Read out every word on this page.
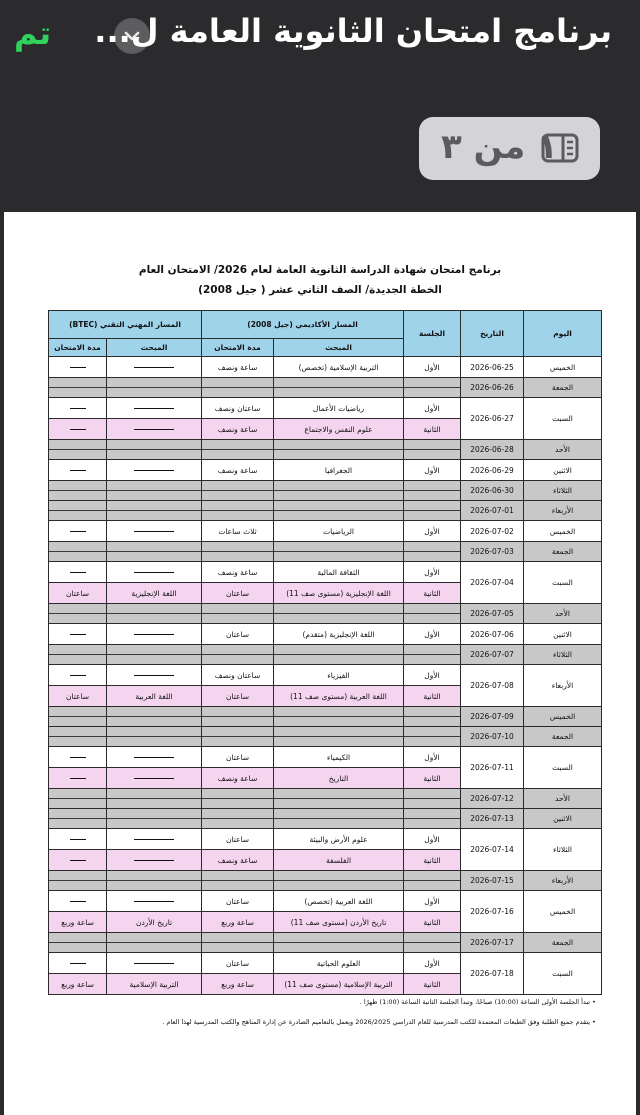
تم برنامج امتحان الثانوية العامة ل...
١ من ٣
برنامج امتحان شهادة الدراسة الثانوية العامة لعام 2026/ الامتحان العام
الخطة الجديدة/ الصف الثاني عشر ( جيل 2008)
اليوم	التاريخ	الجلسة	المسار الأكاديمي (جيل 2008)		المسار المهني التقني (BTEC)	
			المبحث	مدة الامتحان	المبحث	مدة الامتحان
الخميس	2026-06-25	الأول	التربية الإسلامية (تخصص)	ساعة ونصف		
الجمعة	2026-06-26					
السبت	2026-06-27	الأول	رياضيات الأعمال	ساعتان ونصف		
		الثانية	علوم النفس والاجتماع	ساعة ونصف		
الأحد	2026-06-28					
الاثنين	2026-06-29	الأول	الجغرافيا	ساعة ونصف		
الثلاثاء	2026-06-30					
الأربعاء	2026-07-01					
الخميس	2026-07-02	الأول	الرياضيات	ثلاث ساعات		
الجمعة	2026-07-03					
السبت	2026-07-04	الأول	الثقافة المالية	ساعة ونصف		
		الثانية	اللغة الإنجليزية (مستوى صف 11)	ساعتان	اللغة الإنجليزية	ساعتان
الأحد	2026-07-05					
الاثنين	2026-07-06	الأول	اللغة الإنجليزية (متقدم)	ساعتان		
الثلاثاء	2026-07-07					
الأربعاء	2026-07-08	الأول	الفيزياء	ساعتان ونصف		
		الثانية	اللغة العربية (مستوى صف 11)	ساعتان	اللغة العربية	ساعتان
الخميس	2026-07-09					
الجمعة	2026-07-10					
السبت	2026-07-11	الأول	الكيمياء	ساعتان		
		الثانية	التاريخ	ساعة ونصف		
الأحد	2026-07-12					
الاثنين	2026-07-13					
الثلاثاء	2026-07-14	الأول	علوم الأرض والبيئة	ساعتان		
		الثانية	الفلسفة	ساعة ونصف		
الأربعاء	2026-07-15					
الخميس	2026-07-16	الأول	اللغة العربية (تخصص)	ساعتان		
		الثانية	تاريخ الأردن (مستوى صف 11)	ساعة وربع	تاريخ الأردن	ساعة وربع
الجمعة	2026-07-17					
السبت	2026-07-18	الأول	العلوم الحياتية	ساعتان		
		الثانية	التربية الإسلامية (مستوى صف 11)	ساعة وربع	التربية الإسلامية	ساعة وربع
• تبدأ الجلسة الأولى الساعة (10:00) صباحًا، وتبدأ الجلسة الثانية الساعة (1:00) ظهرًا .
• يتقدم جميع الطلبة وفق الطبعات المعتمدة للكتب المدرسية للعام الدراسي 2026/2025 ويعمل بالتعاميم الصادرة عن إدارة المناهج والكتب المدرسية لهذا العام .
